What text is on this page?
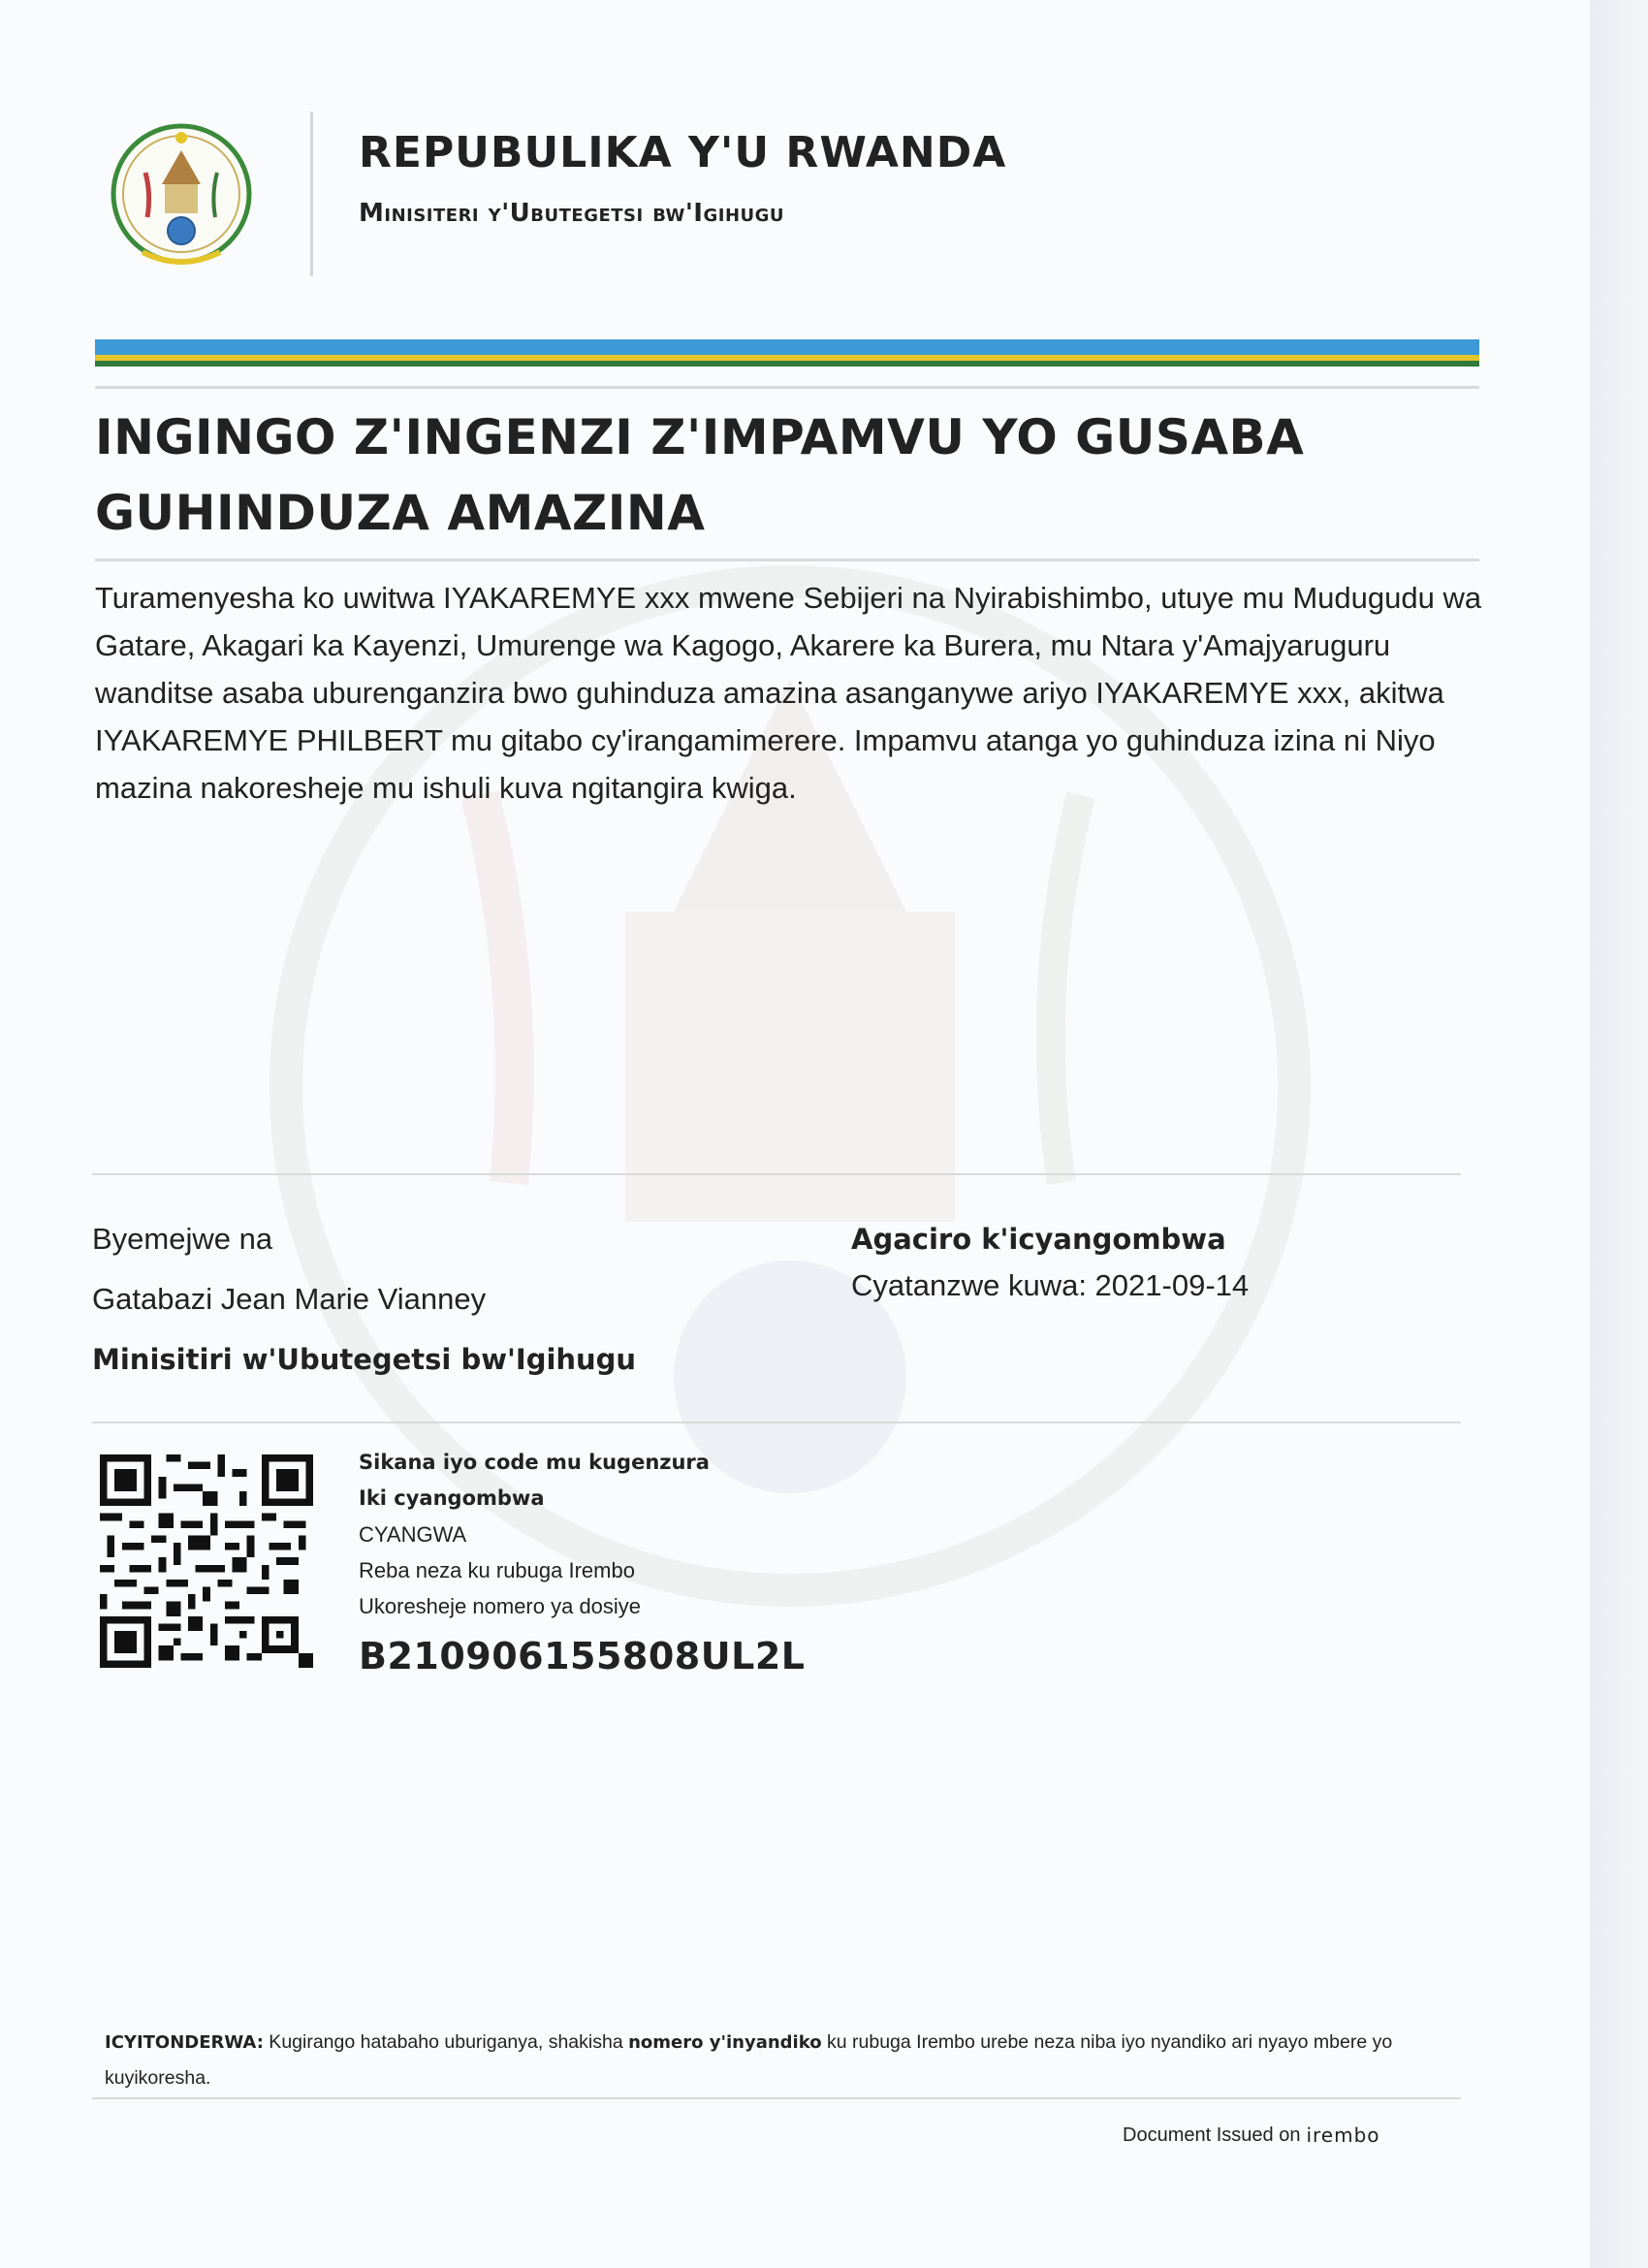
REPUBULIKA Y'U RWANDA
Minisiteri y'Ubutegetsi bw'Igihugu
INGINGO Z'INGENZI Z'IMPAMVU YO GUSABA GUHINDUZA AMAZINA
Turamenyesha ko uwitwa IYAKAREMYE xxx mwene Sebijeri na Nyirabishimbo, utuye mu Mudugudu wa Gatare, Akagari ka Kayenzi, Umurenge wa Kagogo, Akarere ka Burera, mu Ntara y'Amajyaruguru wanditse asaba uburenganzira bwo guhinduza amazina asanganywe ariyo IYAKAREMYE xxx, akitwa IYAKAREMYE PHILBERT mu gitabo cy'irangamimerere. Impamvu atanga yo guhinduza izina ni Niyo mazina nakoresheje mu ishuli kuva ngitangira kwiga.
Byemejwe na
Gatabazi Jean Marie Vianney
Minisitiri w'Ubutegetsi bw'Igihugu
Agaciro k'icyangombwa
Cyatanzwe kuwa: 2021-09-14
Sikana iyo code mu kugenzura
Iki cyangombwa
CYANGWA
Reba neza ku rubuga Irembo
Ukoresheje nomero ya dosiye
B210906155808UL2L
ICYITONDERWA: Kugirango hatabaho uburiganya, shakisha nomero y'inyandiko ku rubuga Irembo urebe neza niba iyo nyandiko ari nyayo mbere yo kuyikoresha.
Document Issued on irembo
